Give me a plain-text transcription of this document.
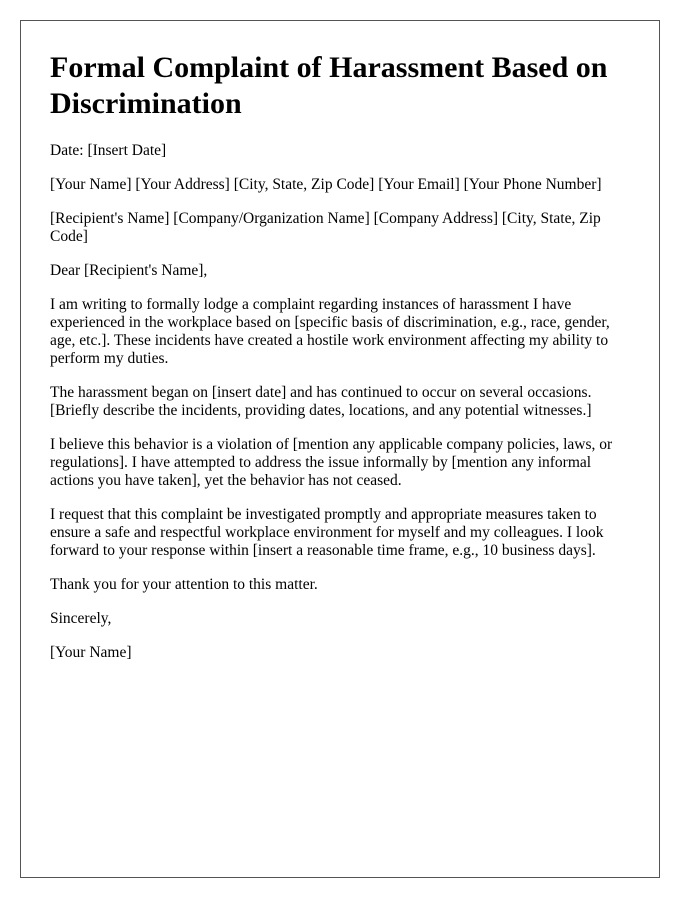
Formal Complaint of Harassment Based on Discrimination

Date: [Insert Date]

[Your Name] [Your Address] [City, State, Zip Code] [Your Email] [Your Phone Number]

[Recipient's Name] [Company/Organization Name] [Company Address] [City, State, Zip Code]

Dear [Recipient's Name],

I am writing to formally lodge a complaint regarding instances of harassment I have experienced in the workplace based on [specific basis of discrimination, e.g., race, gender, age, etc.]. These incidents have created a hostile work environment affecting my ability to perform my duties.

The harassment began on [insert date] and has continued to occur on several occasions. [Briefly describe the incidents, providing dates, locations, and any potential witnesses.]

I believe this behavior is a violation of [mention any applicable company policies, laws, or regulations]. I have attempted to address the issue informally by [mention any informal actions you have taken], yet the behavior has not ceased.

I request that this complaint be investigated promptly and appropriate measures taken to ensure a safe and respectful workplace environment for myself and my colleagues. I look forward to your response within [insert a reasonable time frame, e.g., 10 business days].

Thank you for your attention to this matter.

Sincerely,

[Your Name]
